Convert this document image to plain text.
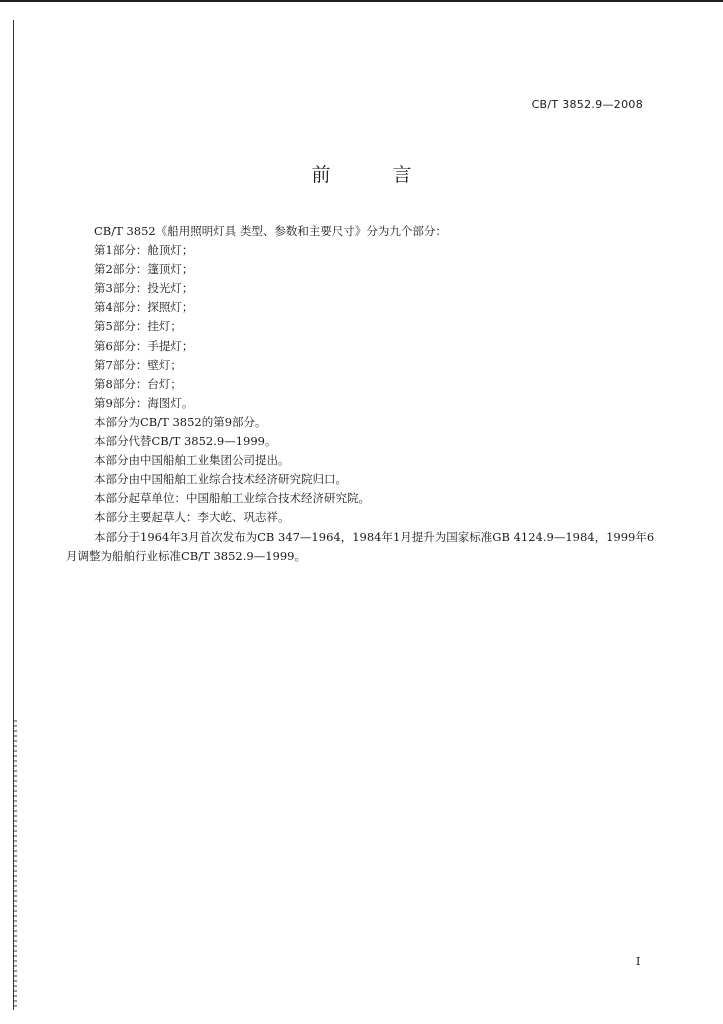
CB/T 3852.9—2008
前 言

CB/T 3852《船用照明灯具 类型、参数和主要尺寸》分为九个部分：

第1部分：舱顶灯；

第2部分：篷顶灯；

第3部分：投光灯；

第4部分：探照灯；

第5部分：挂灯；

第6部分：手提灯；

第7部分：壁灯；

第8部分：台灯；

第9部分：海图灯。

本部分为CB/T 3852的第9部分。

本部分代替CB/T 3852.9—1999。

本部分由中国船舶工业集团公司提出。

本部分由中国船舶工业综合技术经济研究院归口。

本部分起草单位：中国船舶工业综合技术经济研究院。

本部分主要起草人：李大屹、巩志祥。

本部分于1964年3月首次发布为CB 347—1964，1984年1月提升为国家标准GB 4124.9—1984，1999年6月调整为船舶行业标准CB/T 3852.9—1999。

I
